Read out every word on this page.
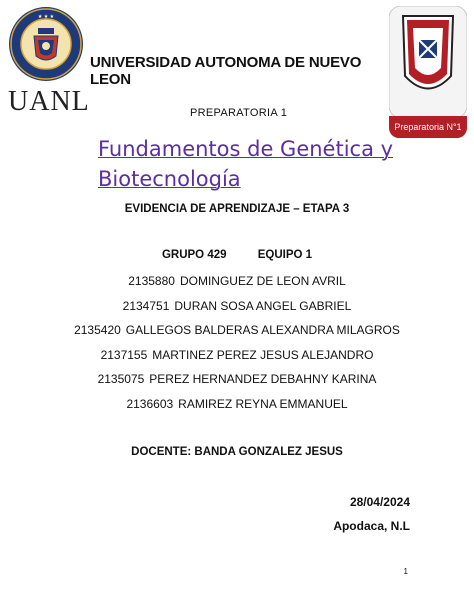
★ ★ ★
UANL
Preparatoria N°1
UNIVERSIDAD AUTONOMA DE NUEVO LEON
PREPARATORIA 1
Fundamentos de Genética y Biotecnología
EVIDENCIA DE APRENDIZAJE – ETAPA 3
GRUPO 429	EQUIPO 1
2135880 DOMINGUEZ DE LEON AVRIL
2134751 DURAN SOSA ANGEL GABRIEL
2135420 GALLEGOS BALDERAS ALEXANDRA MILAGROS
2137155 MARTINEZ PEREZ JESUS ALEJANDRO
2135075 PEREZ HERNANDEZ DEBAHNY KARINA
2136603 RAMIREZ REYNA EMMANUEL
DOCENTE: BANDA GONZALEZ JESUS
28/04/2024
Apodaca, N.L
1
